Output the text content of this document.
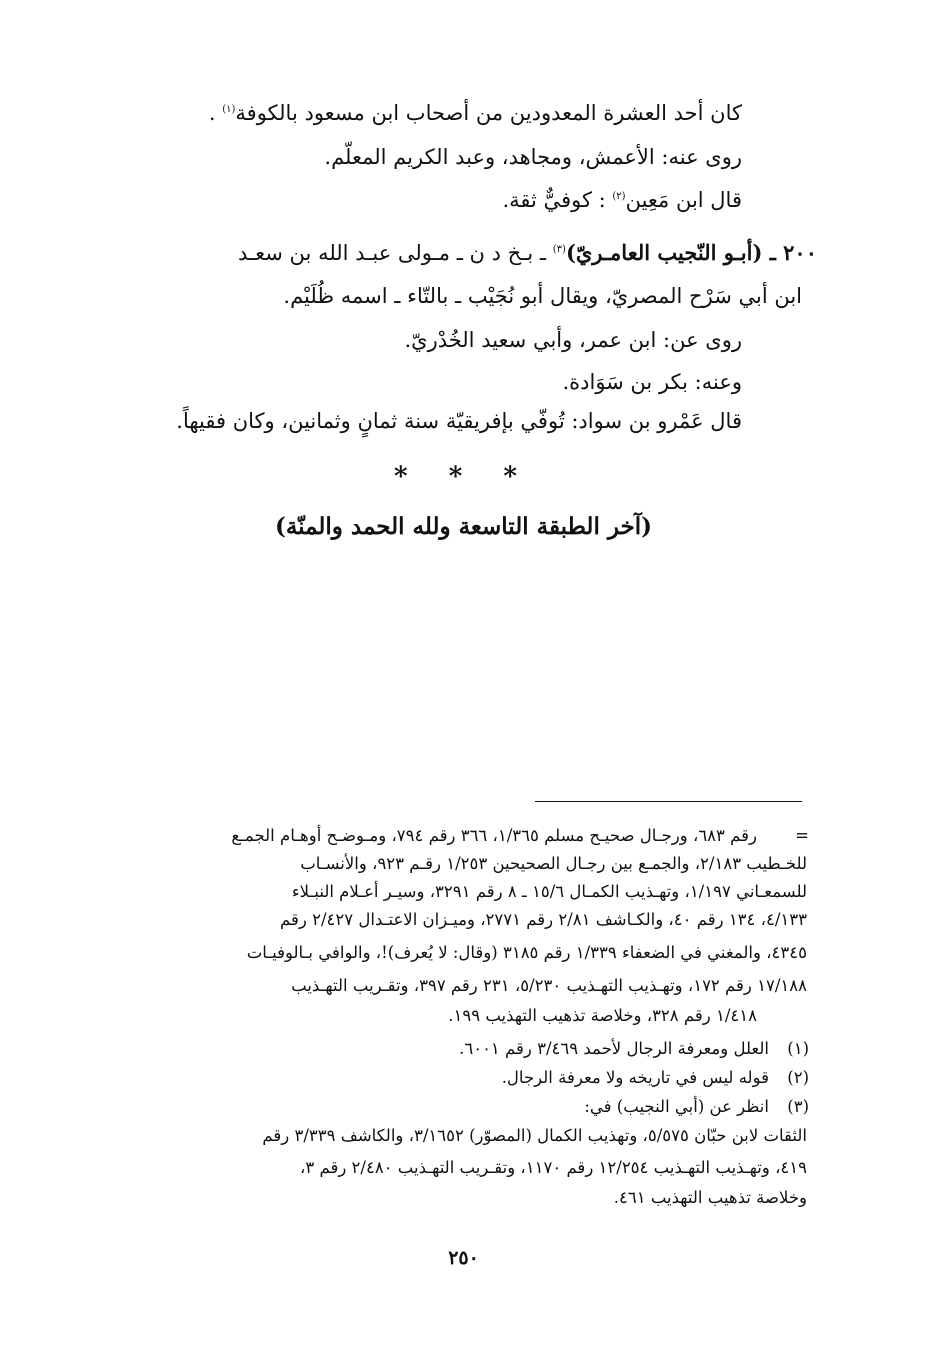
كان أحد العشرة المعدودين من أصحاب ابن مسعود بالكوفة$^{(١)}$ .
روى عنه: الأعمش، ومجاهد، وعبد الكريم المعلّم.
قال ابن مَعِين$^{(٢)}$ : كوفيٌّ ثقة.
٢٠٠ ـ (أبـو النّجيب العامـريّ)$^{(٣)}$ ـ بـخ د ن ـ مـولى عبـد الله بن سعـد
ابن أبي سَرْح المصريّ، ويقال أبو نُجَيْب ـ بالتّاء ـ اسمه ظُلَيْم.
روى عن: ابن عمر، وأبي سعيد الخُدْريّ.
وعنه: بكر بن سَوَادة.
قال عَمْرو بن سواد: تُوفّي بإفريقيّة سنة ثمانٍ وثمانين، وكان فقيهاً.
* * *
(آخر الطبقة التاسعة ولله الحمد والمنّة)
=
رقم ٦٨٣، ورجـال صحيـح مسلم ١/٣٦٥، ٣٦٦ رقم ٧٩٤، ومـوضـح أوهـام الجمـع
للخـطيب ٢/١٨٣، والجمـع بين رجـال الصحيحين ١/٢٥٣ رقـم ٩٢٣، والأنسـاب
للسمعـاني ١/١٩٧، وتهـذيب الكمـال ١٥/٦ ـ ٨ رقم ٣٢٩١، وسيـر أعـلام النبـلاء
٤/١٣٣، ١٣٤ رقم ٤٠، والكـاشف ٢/٨١ رقم ٢٧٧١، وميـزان الاعتـدال ٢/٤٢٧ رقم
٤٣٤٥، والمغني في الضعفاء ١/٣٣٩ رقم ٣١٨٥ (وقال: لا يُعرف)!، والوافي بـالوفيـات
١٧/١٨٨ رقم ١٧٢، وتهـذيب التهـذيب ٥/٢٣٠، ٢٣١ رقم ٣٩٧، وتقـريب التهـذيب
١/٤١٨ رقم ٣٢٨، وخلاصة تذهيب التهذيب ١٩٩.
(١)العلل ومعرفة الرجال لأحمد ٣/٤٦٩ رقم ٦٠٠١.
(٢)قوله ليس في تاريخه ولا معرفة الرجال.
(٣)انظر عن (أبي النجيب) في:
الثقات لابن حبّان ٥/٥٧٥، وتهذيب الكمال (المصوّر) ٣/١٦٥٢، والكاشف ٣/٣٣٩ رقم
٤١٩، وتهـذيب التهـذيب ١٢/٢٥٤ رقم ١١٧٠، وتقـريب التهـذيب ٢/٤٨٠ رقم ٣،
وخلاصة تذهيب التهذيب ٤٦١.
٢٥٠
